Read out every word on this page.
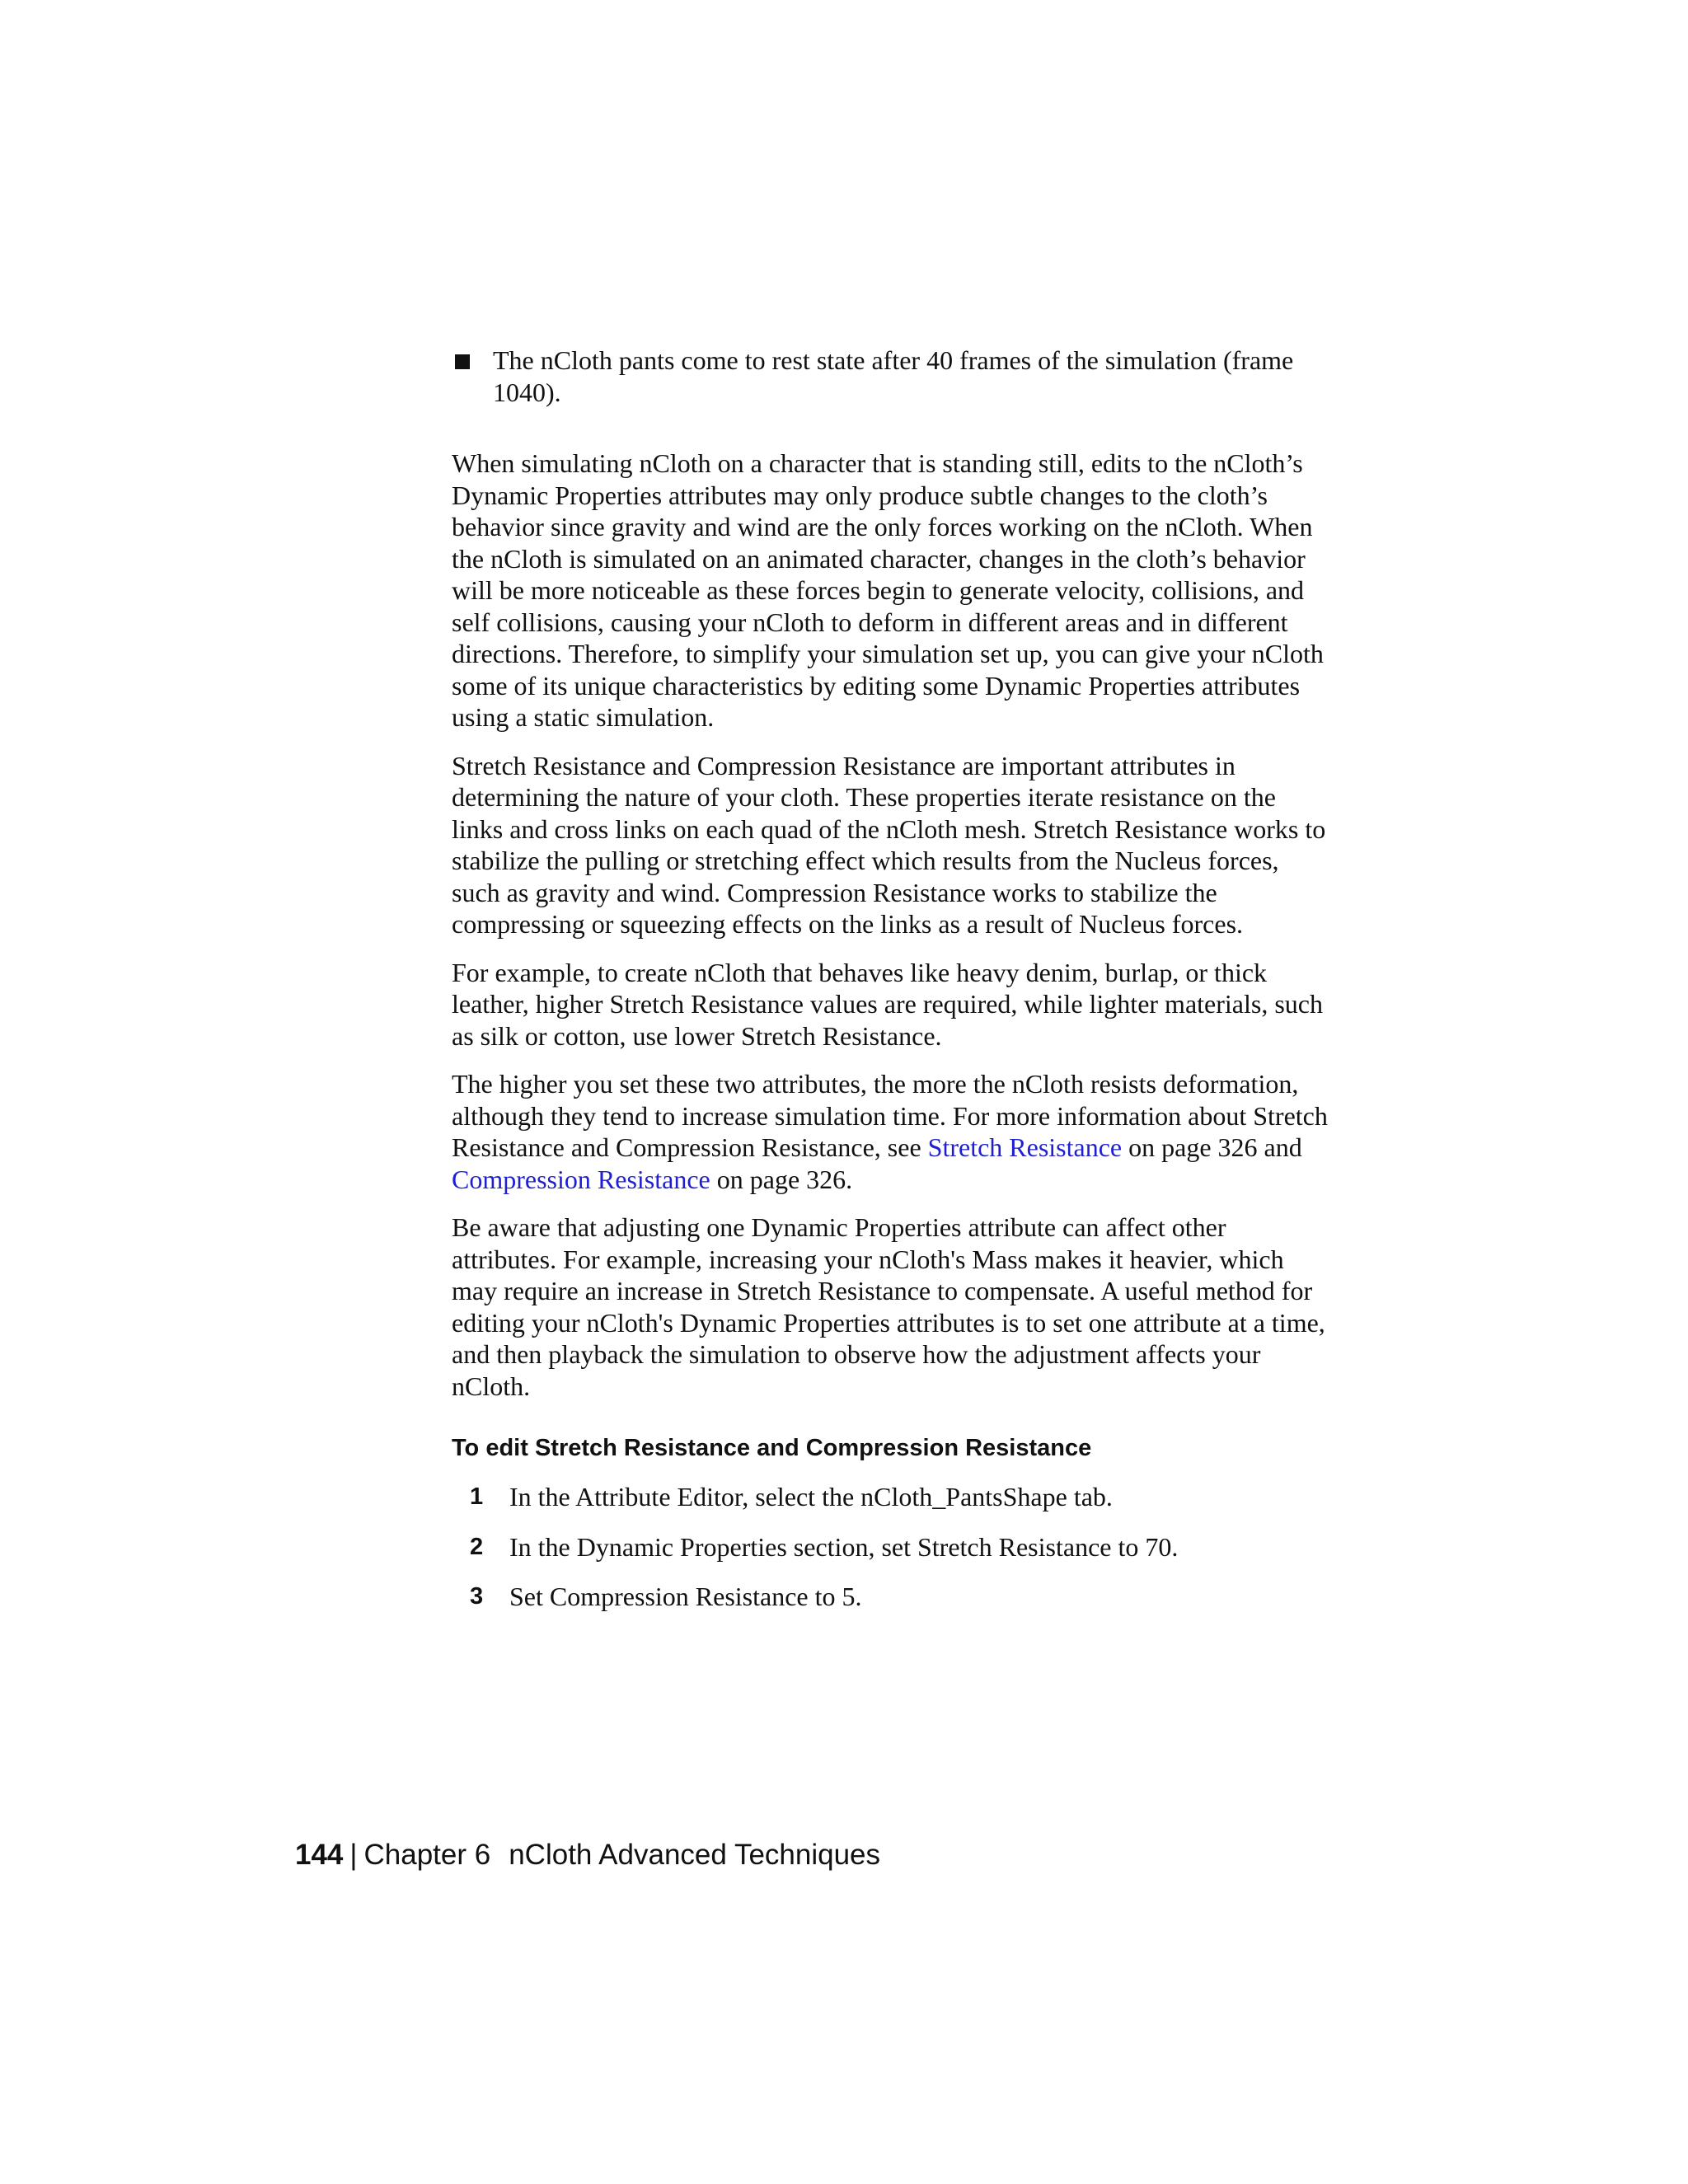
The nCloth pants come to rest state after 40 frames of the simulation (frame 1040).

When simulating nCloth on a character that is standing still, edits to the nCloth’s Dynamic Properties attributes may only produce subtle changes to the cloth’s behavior since gravity and wind are the only forces working on the nCloth. When the nCloth is simulated on an animated character, changes in the cloth’s behavior will be more noticeable as these forces begin to generate velocity, collisions, and self collisions, causing your nCloth to deform in different areas and in different directions. Therefore, to simplify your simulation set up, you can give your nCloth some of its unique characteristics by editing some Dynamic Properties attributes using a static simulation.

Stretch Resistance and Compression Resistance are important attributes in determining the nature of your cloth. These properties iterate resistance on the links and cross links on each quad of the nCloth mesh. Stretch Resistance works to stabilize the pulling or stretching effect which results from the Nucleus forces, such as gravity and wind. Compression Resistance works to stabilize the compressing or squeezing effects on the links as a result of Nucleus forces.

For example, to create nCloth that behaves like heavy denim, burlap, or thick leather, higher Stretch Resistance values are required, while lighter materials, such as silk or cotton, use lower Stretch Resistance.

The higher you set these two attributes, the more the nCloth resists deformation, although they tend to increase simulation time. For more information about Stretch Resistance and Compression Resistance, see Stretch Resistance on page 326 and Compression Resistance on page 326.

Be aware that adjusting one Dynamic Properties attribute can affect other attributes. For example, increasing your nCloth's Mass makes it heavier, which may require an increase in Stretch Resistance to compensate. A useful method for editing your nCloth's Dynamic Properties attributes is to set one attribute at a time, and then playback the simulation to observe how the adjustment affects your nCloth.

To edit Stretch Resistance and Compression Resistance
1 In the Attribute Editor, select the nCloth_PantsShape tab.
2 In the Dynamic Properties section, set Stretch Resistance to 70.
3 Set Compression Resistance to 5.
144 | Chapter 6 nCloth Advanced Techniques
